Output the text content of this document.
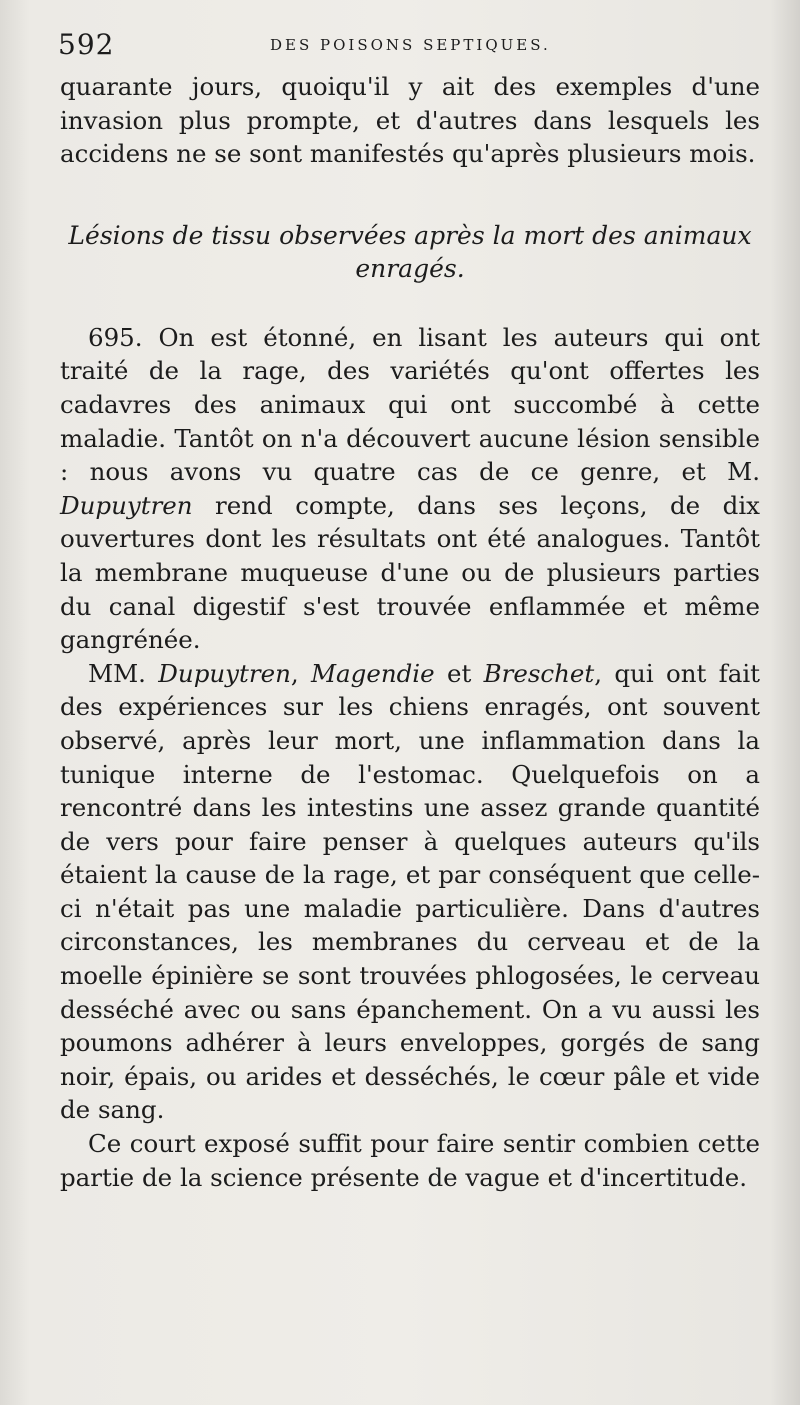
592	DES POISONS SEPTIQUES.

quarante jours, quoiqu'il y ait des exemples d'une invasion plus prompte, et d'autres dans lesquels les accidens ne se sont manifestés qu'après plusieurs mois.

Lésions de tissu observées après la mort des animaux enragés.

695. On est étonné, en lisant les auteurs qui ont traité de la rage, des variétés qu'ont offertes les cadavres des animaux qui ont succombé à cette maladie. Tantôt on n'a découvert aucune lésion sensible : nous avons vu quatre cas de ce genre, et M. Dupuytren rend compte, dans ses leçons, de dix ouvertures dont les résultats ont été analogues. Tantôt la membrane muqueuse d'une ou de plusieurs parties du canal digestif s'est trouvée enflammée et même gangrénée.

MM. Dupuytren, Magendie et Breschet, qui ont fait des expériences sur les chiens enragés, ont souvent observé, après leur mort, une inflammation dans la tunique interne de l'estomac. Quelquefois on a rencontré dans les intestins une assez grande quantité de vers pour faire penser à quelques auteurs qu'ils étaient la cause de la rage, et par conséquent que celle-ci n'était pas une maladie particulière. Dans d'autres circonstances, les membranes du cerveau et de la moelle épinière se sont trouvées phlogosées, le cerveau desséché avec ou sans épanchement. On a vu aussi les poumons adhérer à leurs enveloppes, gorgés de sang noir, épais, ou arides et desséchés, le cœur pâle et vide de sang.

Ce court exposé suffit pour faire sentir combien cette partie de la science présente de vague et d'incertitude.
